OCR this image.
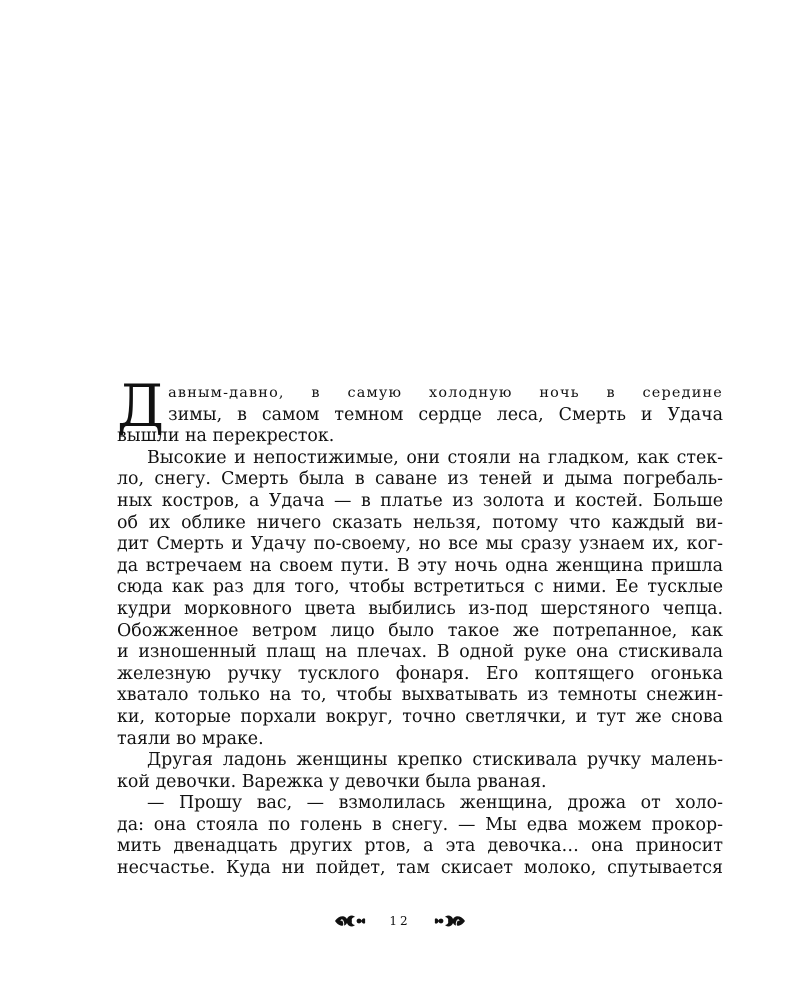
Д авным-давно, в самую холодную ночь в середине
зимы, в самом темном сердце леса, Смерть и Удача
вышли на перекресток.
Высокие и непостижимые, они стояли на гладком, как стек-
ло, снегу. Смерть была в саване из теней и дыма погребаль-
ных костров, а Удача — в платье из золота и костей. Больше
об их облике ничего сказать нельзя, потому что каждый ви-
дит Смерть и Удачу по-своему, но все мы сразу узнаем их, ког-
да встречаем на своем пути. В эту ночь одна женщина пришла
сюда как раз для того, чтобы встретиться с ними. Ее тусклые
кудри морковного цвета выбились из-под шерстяного чепца.
Обожженное ветром лицо было такое же потрепанное, как
и изношенный плащ на плечах. В одной руке она стискивала
железную ручку тусклого фонаря. Его коптящего огонька
хватало только на то, чтобы выхватывать из темноты снежин-
ки, которые порхали вокруг, точно светлячки, и тут же снова
таяли во мраке.
Другая ладонь женщины крепко стискивала ручку малень-
кой девочки. Варежка у девочки была рваная.
— Прошу вас, — взмолилась женщина, дрожа от холо-
да: она стояла по голень в снегу. — Мы едва можем прокор-
мить двенадцать других ртов, а эта девочка… она приносит
несчастье. Куда ни пойдет, там скисает молоко, спутывается
12
